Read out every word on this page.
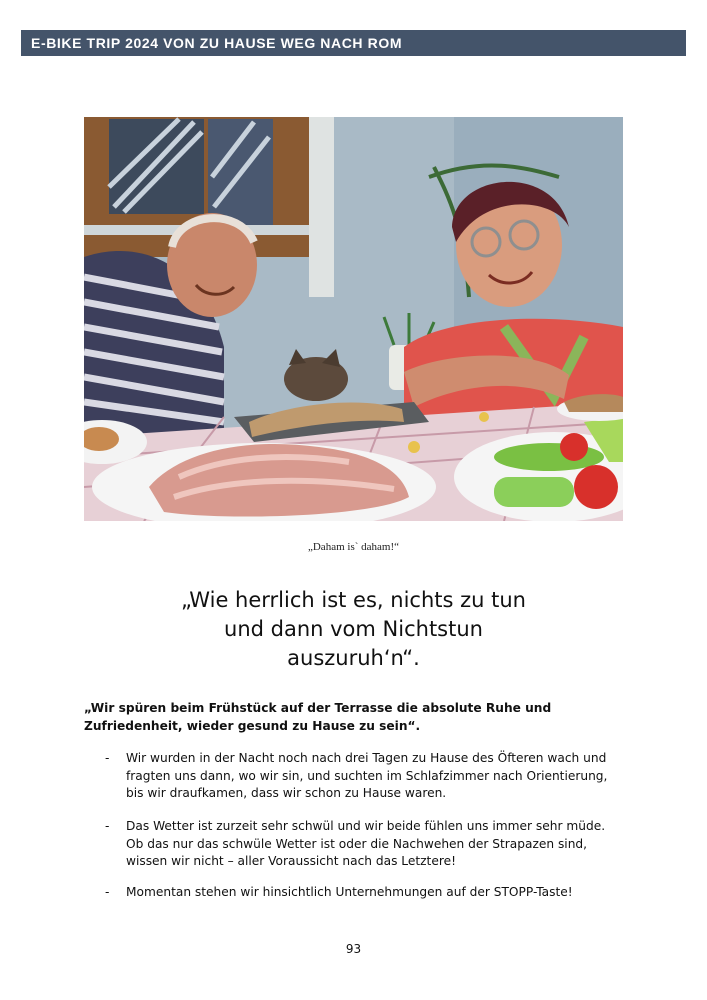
E-BIKE TRIP 2024 VON ZU HAUSE WEG NACH ROM
„Daham is` daham!“
„Wie herrlich ist es, nichts zu tun
und dann vom Nichtstun
auszuruh‘n“.
„Wir spüren beim Frühstück auf der Terrasse die absolute Ruhe und
Zufriedenheit, wieder gesund zu Hause zu sein“.
- Wir wurden in der Nacht noch nach drei Tagen zu Hause des Öfteren wach und
fragten uns dann, wo wir sin, und suchten im Schlafzimmer nach Orientierung,
bis wir draufkamen, dass wir schon zu Hause waren.
- Das Wetter ist zurzeit sehr schwül und wir beide fühlen uns immer sehr müde.
Ob das nur das schwüle Wetter ist oder die Nachwehen der Strapazen sind,
wissen wir nicht – aller Voraussicht nach das Letztere!
- Momentan stehen wir hinsichtlich Unternehmungen auf der STOPP-Taste!
93
